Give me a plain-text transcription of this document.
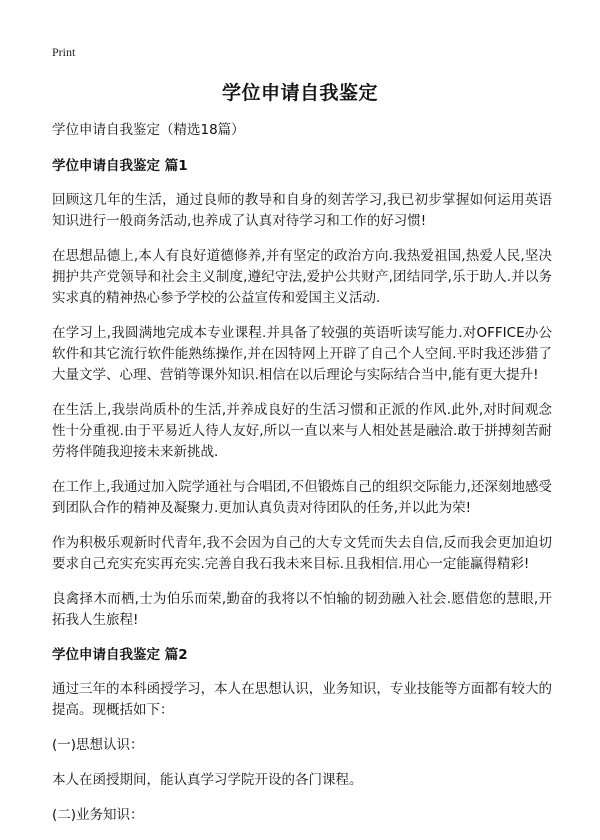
Print
学位申请自我鉴定
学位申请自我鉴定（精选18篇）
学位申请自我鉴定 篇1

回顾这几年的生活，通过良师的教导和自身的刻苦学习,我已初步掌握如何运用英语知识进行一般商务活动,也养成了认真对待学习和工作的好习惯!

在思想品德上,本人有良好道德修养,并有坚定的政治方向.我热爱祖国,热爱人民,坚决拥护共产党领导和社会主义制度,遵纪守法,爱护公共财产,团结同学,乐于助人.并以务实求真的精神热心参予学校的公益宣传和爱国主义活动.

在学习上,我圆满地完成本专业课程.并具备了较强的英语听读写能力.对OFFICE办公软件和其它流行软件能熟练操作,并在因特网上开辟了自己个人空间.平时我还涉猎了大量文学、心理、营销等课外知识.相信在以后理论与实际结合当中,能有更大提升!

在生活上,我崇尚质朴的生活,并养成良好的生活习惯和正派的作风.此外,对时间观念性十分重视.由于平易近人待人友好,所以一直以来与人相处甚是融洽.敢于拼搏刻苦耐劳将伴随我迎接未来新挑战.

在工作上,我通过加入院学通社与合唱团,不但锻炼自己的组织交际能力,还深刻地感受到团队合作的精神及凝聚力.更加认真负责对待团队的任务,并以此为荣!

作为积极乐观新时代青年,我不会因为自己的大专文凭而失去自信,反而我会更加迫切要求自己充实充实再充实.完善自我石我未来目标.且我相信.用心一定能赢得精彩!

良禽择木而栖,士为伯乐而荣,勤奋的我将以不怕输的韧劲融入社会.愿借您的慧眼,开拓我人生旅程!

学位申请自我鉴定 篇2

通过三年的本科函授学习，本人在思想认识，业务知识，专业技能等方面都有较大的提高。现概括如下：

(一)思想认识：

本人在函授期间，能认真学习学院开设的各门课程。

(二)业务知识：
